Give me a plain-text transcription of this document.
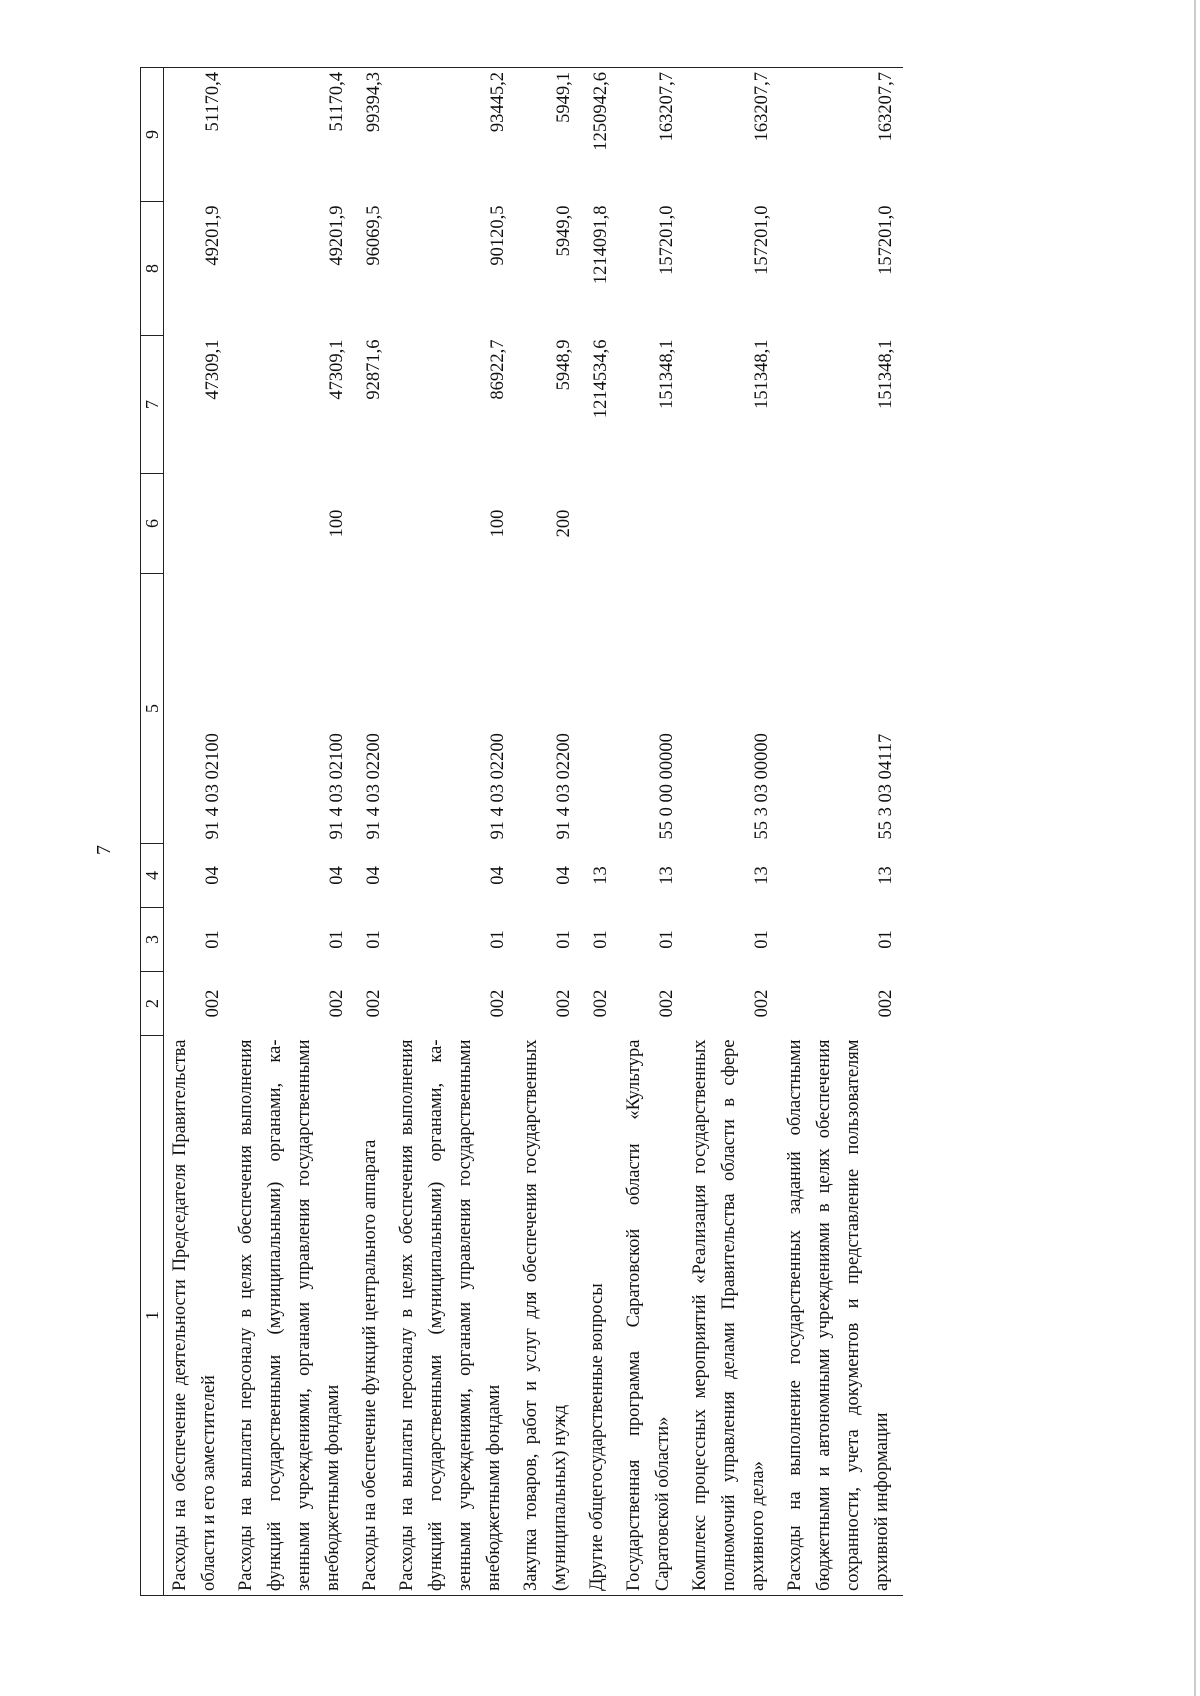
7
1	2	3	4	5	6	7	8	9
Расходы на обеспечение деятельности Председателя Правительства области и его заместителей	002	01	04	91 4 03 02100		47309,1	49201,9	51170,4
Расходы на выплаты персоналу в целях обеспечения выполнения функций государственными (муниципальными) органами, казенными учреждениями, органами управления государственными внебюджетными фондами	002	01	04	91 4 03 02100	100	47309,1	49201,9	51170,4
Расходы на обеспечение функций центрального аппарата	002	01	04	91 4 03 02200		92871,6	96069,5	99394,3
Расходы на выплаты персоналу в целях обеспечения выполнения функций государственными (муниципальными) органами, казенными учреждениями, органами управления государственными внебюджетными фондами	002	01	04	91 4 03 02200	100	86922,7	90120,5	93445,2
Закупка товаров, работ и услуг для обеспечения государственных (муниципальных) нужд	002	01	04	91 4 03 02200	200	5948,9	5949,0	5949,1
Другие общегосударственные вопросы	002	01	13			1214534,6	1214091,8	1250942,6
Государственная программа Саратовской области «Культура Саратовской области»	002	01	13	55 0 00 00000		151348,1	157201,0	163207,7
Комплекс процессных мероприятий «Реализация государственных полномочий управления делами Правительства области в сфере архивного дела»	002	01	13	55 3 03 00000		151348,1	157201,0	163207,7
Расходы на выполнение государственных заданий областными бюджетными и автономными учреждениями в целях обеспечения сохранности, учета документов и представление пользователям архивной информации	002	01	13	55 3 03 04117		151348,1	157201,0	163207,7
